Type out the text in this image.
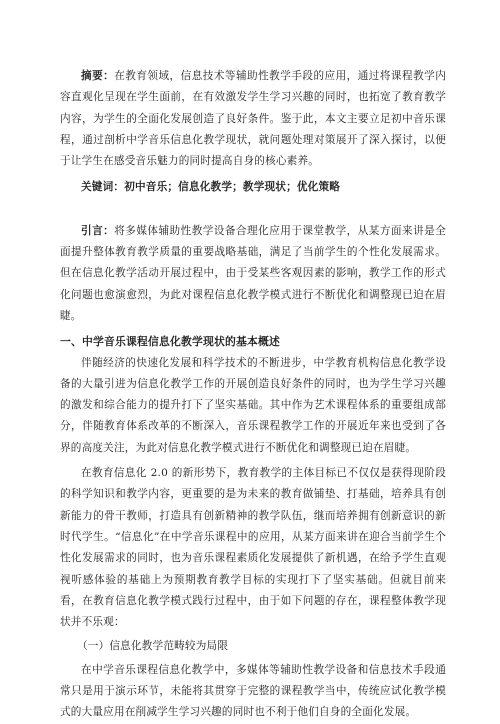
摘要：在教育领域，信息技术等辅助性教学手段的应用，通过将课程教学内容直观化呈现在学生面前，在有效激发学生学习兴趣的同时，也拓宽了教育教学内容，为学生的全面化发展创造了良好条件。鉴于此，本文主要立足初中音乐课程，通过剖析中学音乐信息化教学现状，就问题处理对策展开了深入探讨，以便于让学生在感受音乐魅力的同时提高自身的核心素养。

关键词：初中音乐；信息化教学；教学现状；优化策略

引言：将多媒体辅助性教学设备合理化应用于课堂教学，从某方面来讲是全面提升整体教育教学质量的重要战略基础，满足了当前学生的个性化发展需求。但在信息化教学活动开展过程中，由于受某些客观因素的影响，教学工作的形式化问题也愈演愈烈，为此对课程信息化教学模式进行不断优化和调整现已迫在眉睫。

一、中学音乐课程信息化教学现状的基本概述

伴随经济的快速化发展和科学技术的不断进步，中学教育机构信息化教学设备的大量引进为信息化教学工作的开展创造良好条件的同时，也为学生学习兴趣的激发和综合能力的提升打下了坚实基础。其中作为艺术课程体系的重要组成部分，伴随教育体系改革的不断深入，音乐课程教学工作的开展近年来也受到了各界的高度关注，为此对信息化教学模式进行不断优化和调整现已迫在眉睫。

在教育信息化 2.0 的新形势下，教育教学的主体目标已不仅仅是获得现阶段的科学知识和教学内容，更重要的是为未来的教育做铺垫、打基础，培养具有创新能力的骨干教师，打造具有创新精神的教学队伍，继而培养拥有创新意识的新时代学生。“信息化”在中学音乐课程中的应用，从某方面来讲在迎合当前学生个性化发展需求的同时，也为音乐课程素质化发展提供了新机遇，在给予学生直观视听感体验的基础上为预期教育教学目标的实现打下了坚实基础。但就目前来看，在教育信息化教学模式践行过程中，由于如下问题的存在，课程整体教学现状并不乐观：

（一）信息化教学范畴较为局限

在中学音乐课程信息化教学中，多媒体等辅助性教学设备和信息技术手段通常只是用于演示环节，未能将其贯穿于完整的课程教学当中，传统应试化教学模式的大量应用在削减学生学习兴趣的同时也不利于他们自身的全面化发展。
